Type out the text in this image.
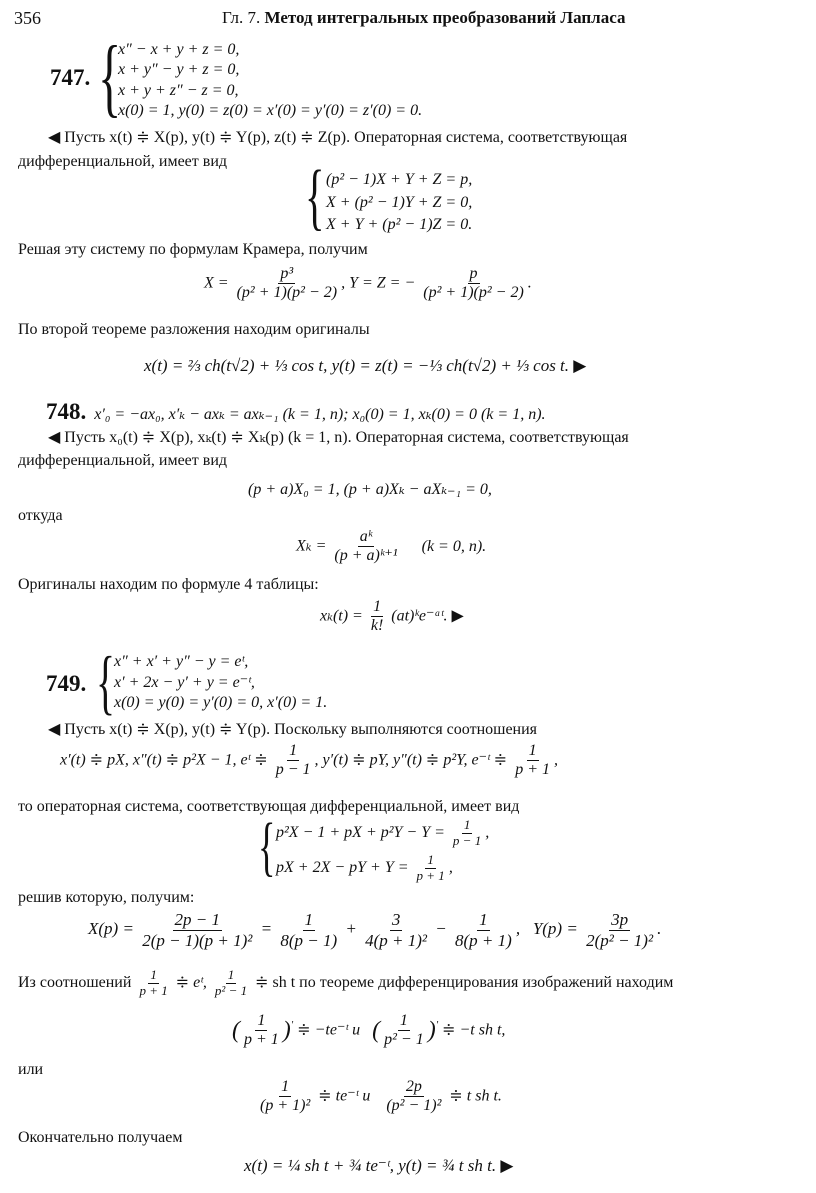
356	Гл. 7. Метод интегральных преобразований Лапласа
747. {
x″ − x + y + z = 0,
x + y″ − y + z = 0,
x + y + z″ − z = 0,
x(0) = 1, y(0) = z(0) = x′(0) = y′(0) = z′(0) = 0.
◀ Пусть x(t) ≑ X(p), y(t) ≑ Y(p), z(t) ≑ Z(p). Операторная система, соответствующая
дифференциальной, имеет вид { (p² − 1)X + Y + Z = p,
X + (p² − 1)Y + Z = 0,
X + Y + (p² − 1)Z = 0.
Решая эту систему по формулам Крамера, получим
$X = \frac{\text{p³}}{\text{(p² + 1)(p² − 2)}}$ , Y = Z = − $\frac{p}{\text{(p² + 1)(p² − 2)}}$ .
По второй теореме разложения находим оригиналы
x(t) = ⅔ ch(t√2) + ⅓ cos t, y(t) = z(t) = −⅓ ch(t√2) + ⅓ cos t. ▶
748. x′₀ = −ax₀, x′ₖ − axₖ = axₖ₋₁ (k = 1, n); x₀(0) = 1, xₖ(0) = 0 (k = 1, n).
◀ Пусть x₀(t) ≑ X(p), xₖ(t) ≑ Xₖ(p) (k = 1, n). Операторная система, соответствующая
дифференциальной, имеет вид
(p + a)X₀ = 1, (p + a)Xₖ − aXₖ₋₁ = 0,
откуда
$X_k = \frac{\text{aᵏ}}{\text{(p + a)ᵏ⁺¹}} (k = 0$, n).
Оригиналы находим по формуле 4 таблицы:
$x_k(t) = \frac{1}{k!}$ (at)ᵏe⁻ᵃᵗ. ▶
749. {
x″ + x′ + y″ − y = eᵗ,
x′ + 2x − y′ + y = e⁻ᵗ,
x(0) = y(0) = y′(0) = 0, x′(0) = 1.
◀ Пусть x(t) ≑ X(p), y(t) ≑ Y(p). Поскольку выполняются соотношения
x′(t) ≑ pX, x″(t) ≑ p²X − 1, eᵗ ≑ $\frac{1}{p - 1}$ , y′(t) ≑ pY, y″(t) ≑ p²Y, e⁻ᵗ ≑ $\frac{1}{p + 1}$ ,
то операторная система, соответствующая дифференциальной, имеет вид
{ p²X − 1 + pX + $p^2Y - Y = \frac{1}{p - 1}$ ,
pX + 2X − pY + $Y = \frac{1}{p + 1}$ ,
решив которую, получим:
$X(p) = \frac{2p - 1}{\text{2(p − 1)(p + 1)²}} = \frac{1}{8(p - 1)} + \frac{3}{\text{4(p + 1)²}} - \frac{1}{8(p + 1)}$ ,   $Y(p) = \frac{3p}{\text{2(p² − 1)²}}$ .
Из соотношений $\frac{1}{p + 1}$ ≑ eᵗ, $\frac{1}{\text{p² − 1}}$ ≑ sh t по теореме дифференцирования изображений находим
( $\frac{1}{p + 1} )'$ ≑ −te⁻ᵗ и ( $\frac{1}{\text{p² − 1}} )'$ ≑ −t sh t,
или
$\frac{1}{\text{(p + 1)²}}$ ≑ te⁻ᵗ и $\frac{2p}{\text{(p² − 1)²}}$ ≑ t sh t.
Окончательно получаем
x(t) = ¼ sh t + ¾ te⁻ᵗ, y(t) = ¾ t sh t. ▶
